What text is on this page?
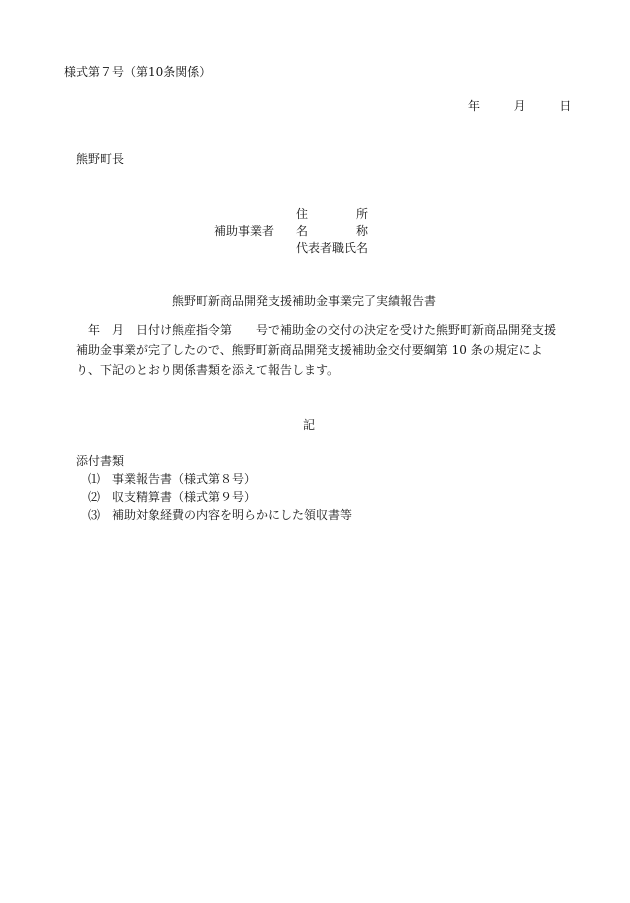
様式第７号（第10条関係）
年	月	日
熊野町長
住　　　　所
補助事業者 名　　　　称
代表者職氏名
熊野町新商品開発支援補助金事業完了実績報告書

　年　月　日付け熊産指令第　　号で補助金の交付の決定を受けた熊野町新商品開発支援補助金事業が完了したので、熊野町新商品開発支援補助金交付要綱第 10 条の規定により、下記のとおり関係書類を添えて報告します。

記
添付書類
⑴ 事業報告書（様式第８号）
⑵ 収支精算書（様式第９号）
⑶ 補助対象経費の内容を明らかにした領収書等
